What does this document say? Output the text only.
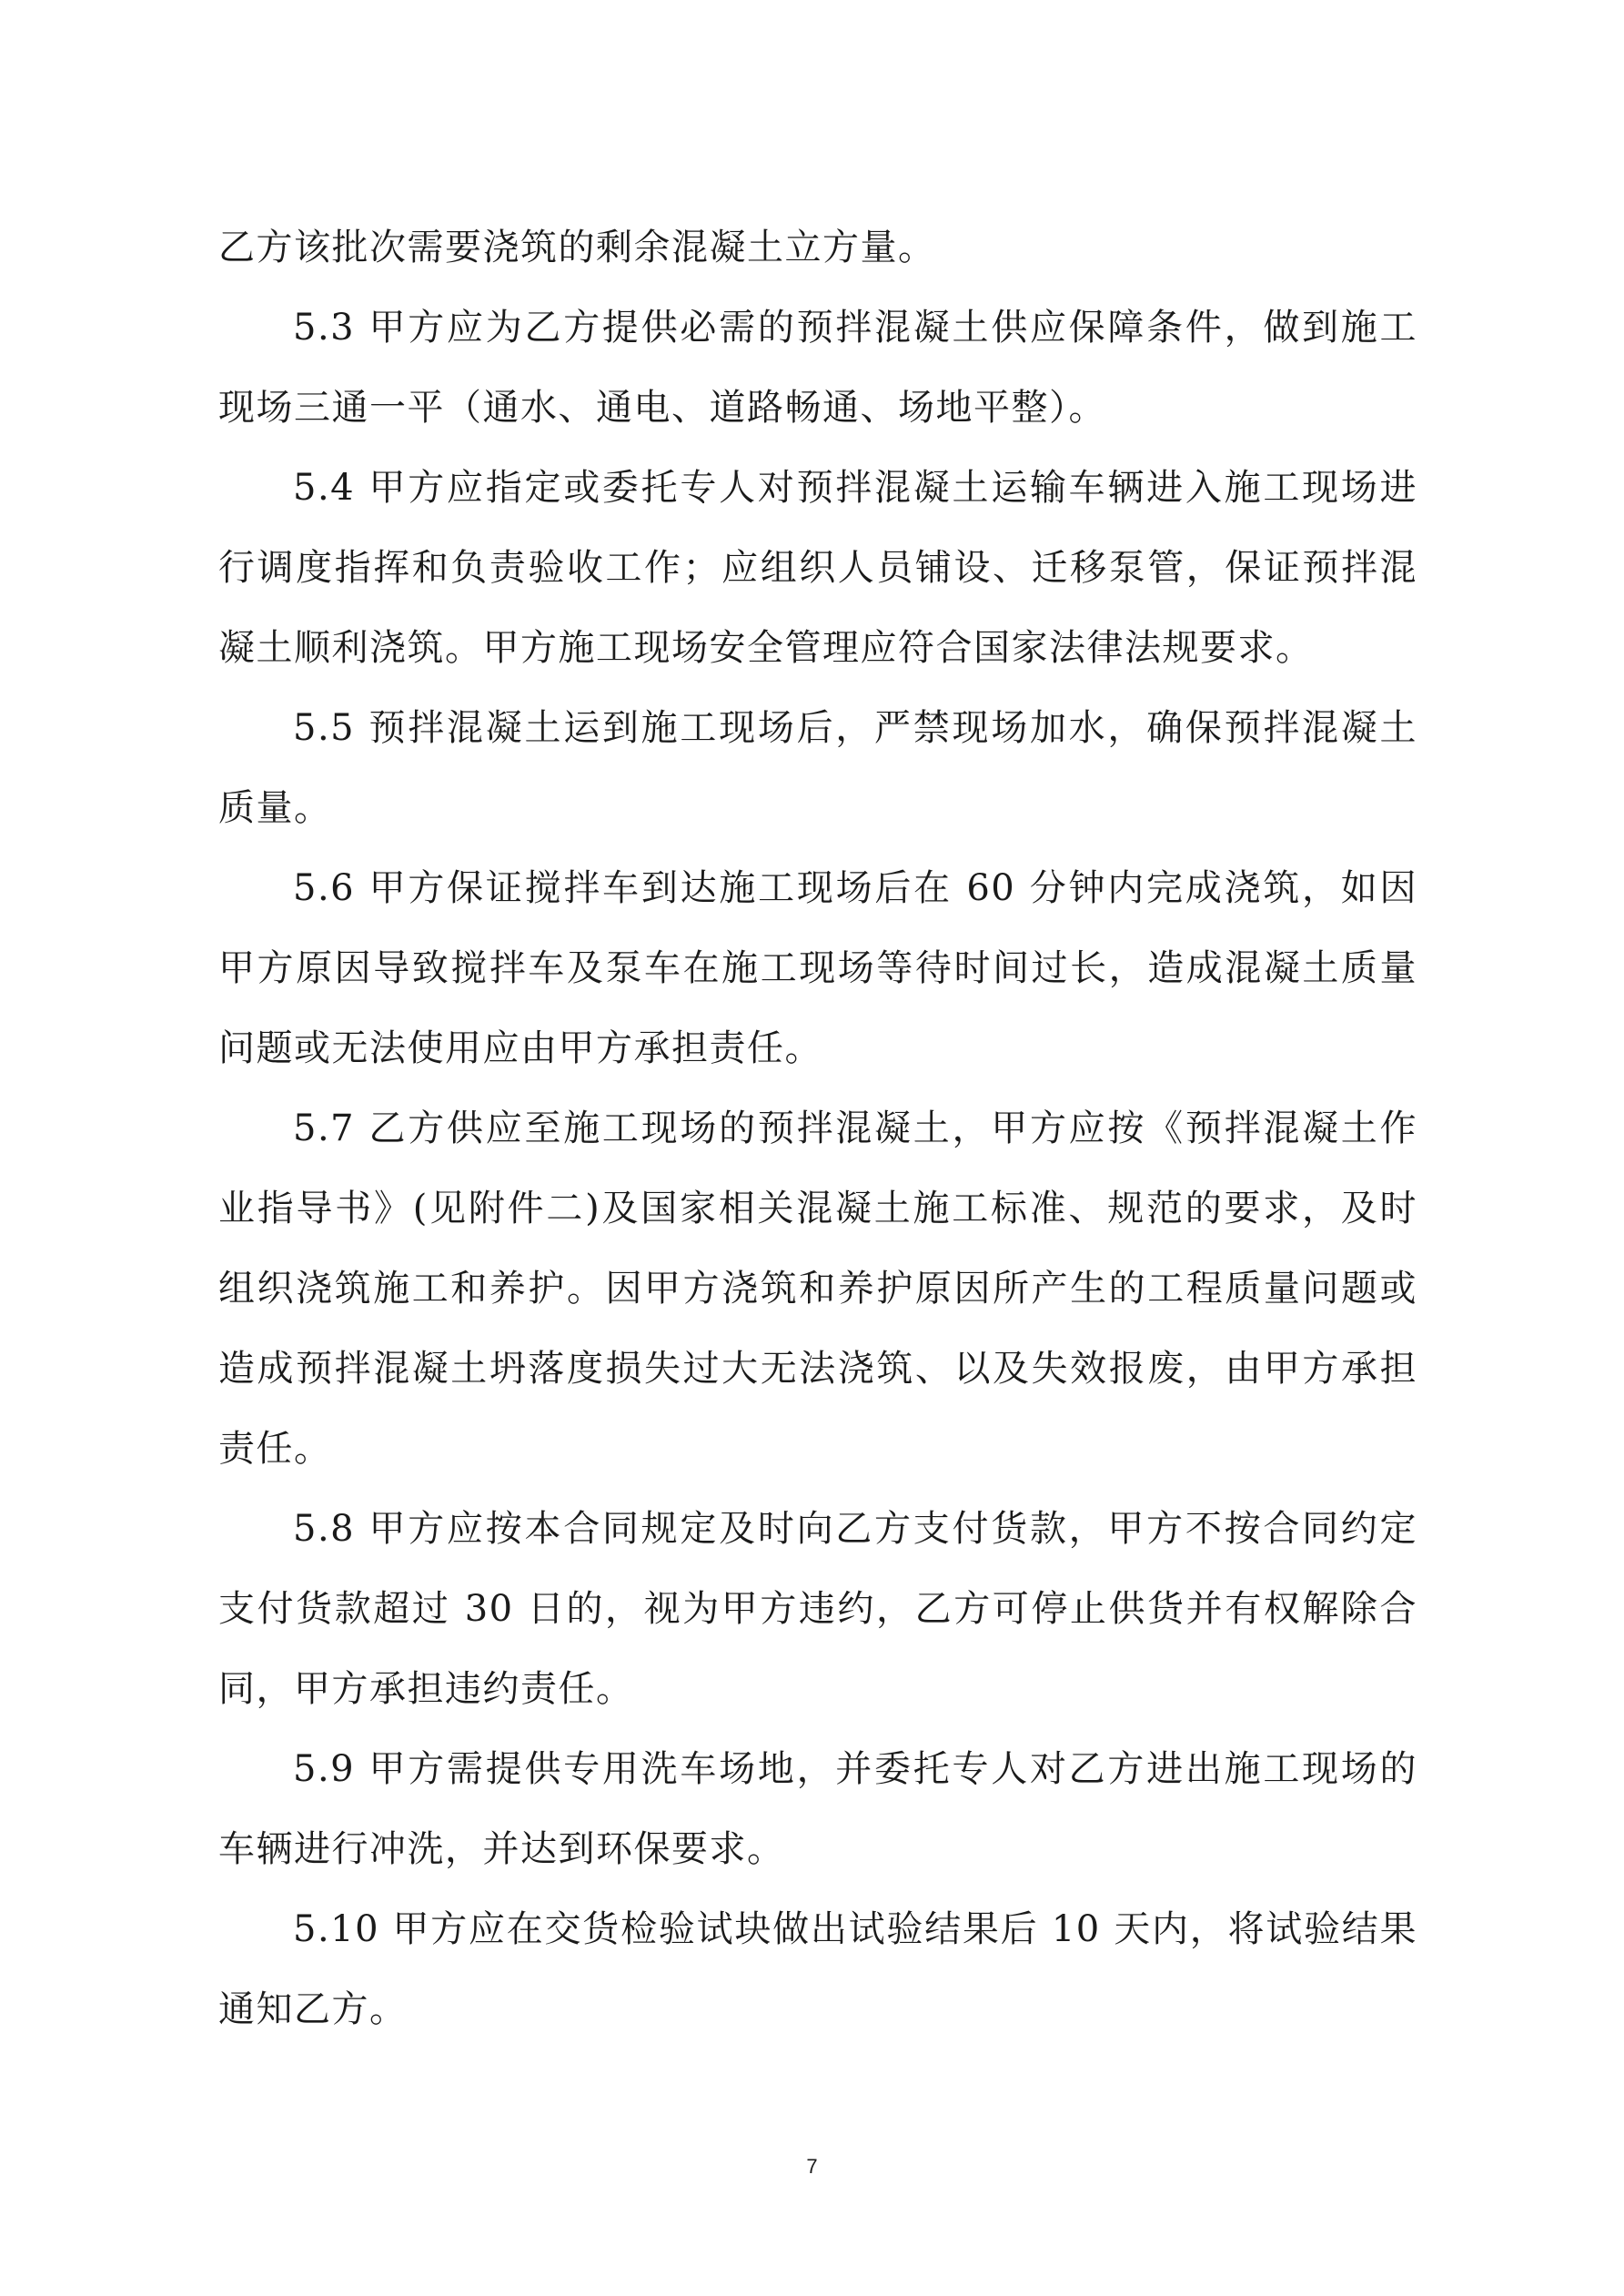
乙方该批次需要浇筑的剩余混凝土立方量。

5.3 甲方应为乙方提供必需的预拌混凝土供应保障条件，做到施工现场三通一平（通水、通电、道路畅通、场地平整）。

5.4 甲方应指定或委托专人对预拌混凝土运输车辆进入施工现场进行调度指挥和负责验收工作；应组织人员铺设、迁移泵管，保证预拌混凝土顺利浇筑。甲方施工现场安全管理应符合国家法律法规要求。

5.5 预拌混凝土运到施工现场后，严禁现场加水，确保预拌混凝土质量。

5.6 甲方保证搅拌车到达施工现场后在 60 分钟内完成浇筑，如因甲方原因导致搅拌车及泵车在施工现场等待时间过长，造成混凝土质量问题或无法使用应由甲方承担责任。

5.7 乙方供应至施工现场的预拌混凝土，甲方应按《预拌混凝土作业指导书》(见附件二)及国家相关混凝土施工标准、规范的要求，及时组织浇筑施工和养护。因甲方浇筑和养护原因所产生的工程质量问题或造成预拌混凝土坍落度损失过大无法浇筑、以及失效报废，由甲方承担责任。

5.8 甲方应按本合同规定及时向乙方支付货款，甲方不按合同约定支付货款超过 30 日的，视为甲方违约，乙方可停止供货并有权解除合同，甲方承担违约责任。

5.9 甲方需提供专用洗车场地，并委托专人对乙方进出施工现场的车辆进行冲洗，并达到环保要求。

5.10 甲方应在交货检验试块做出试验结果后 10 天内，将试验结果通知乙方。

7
